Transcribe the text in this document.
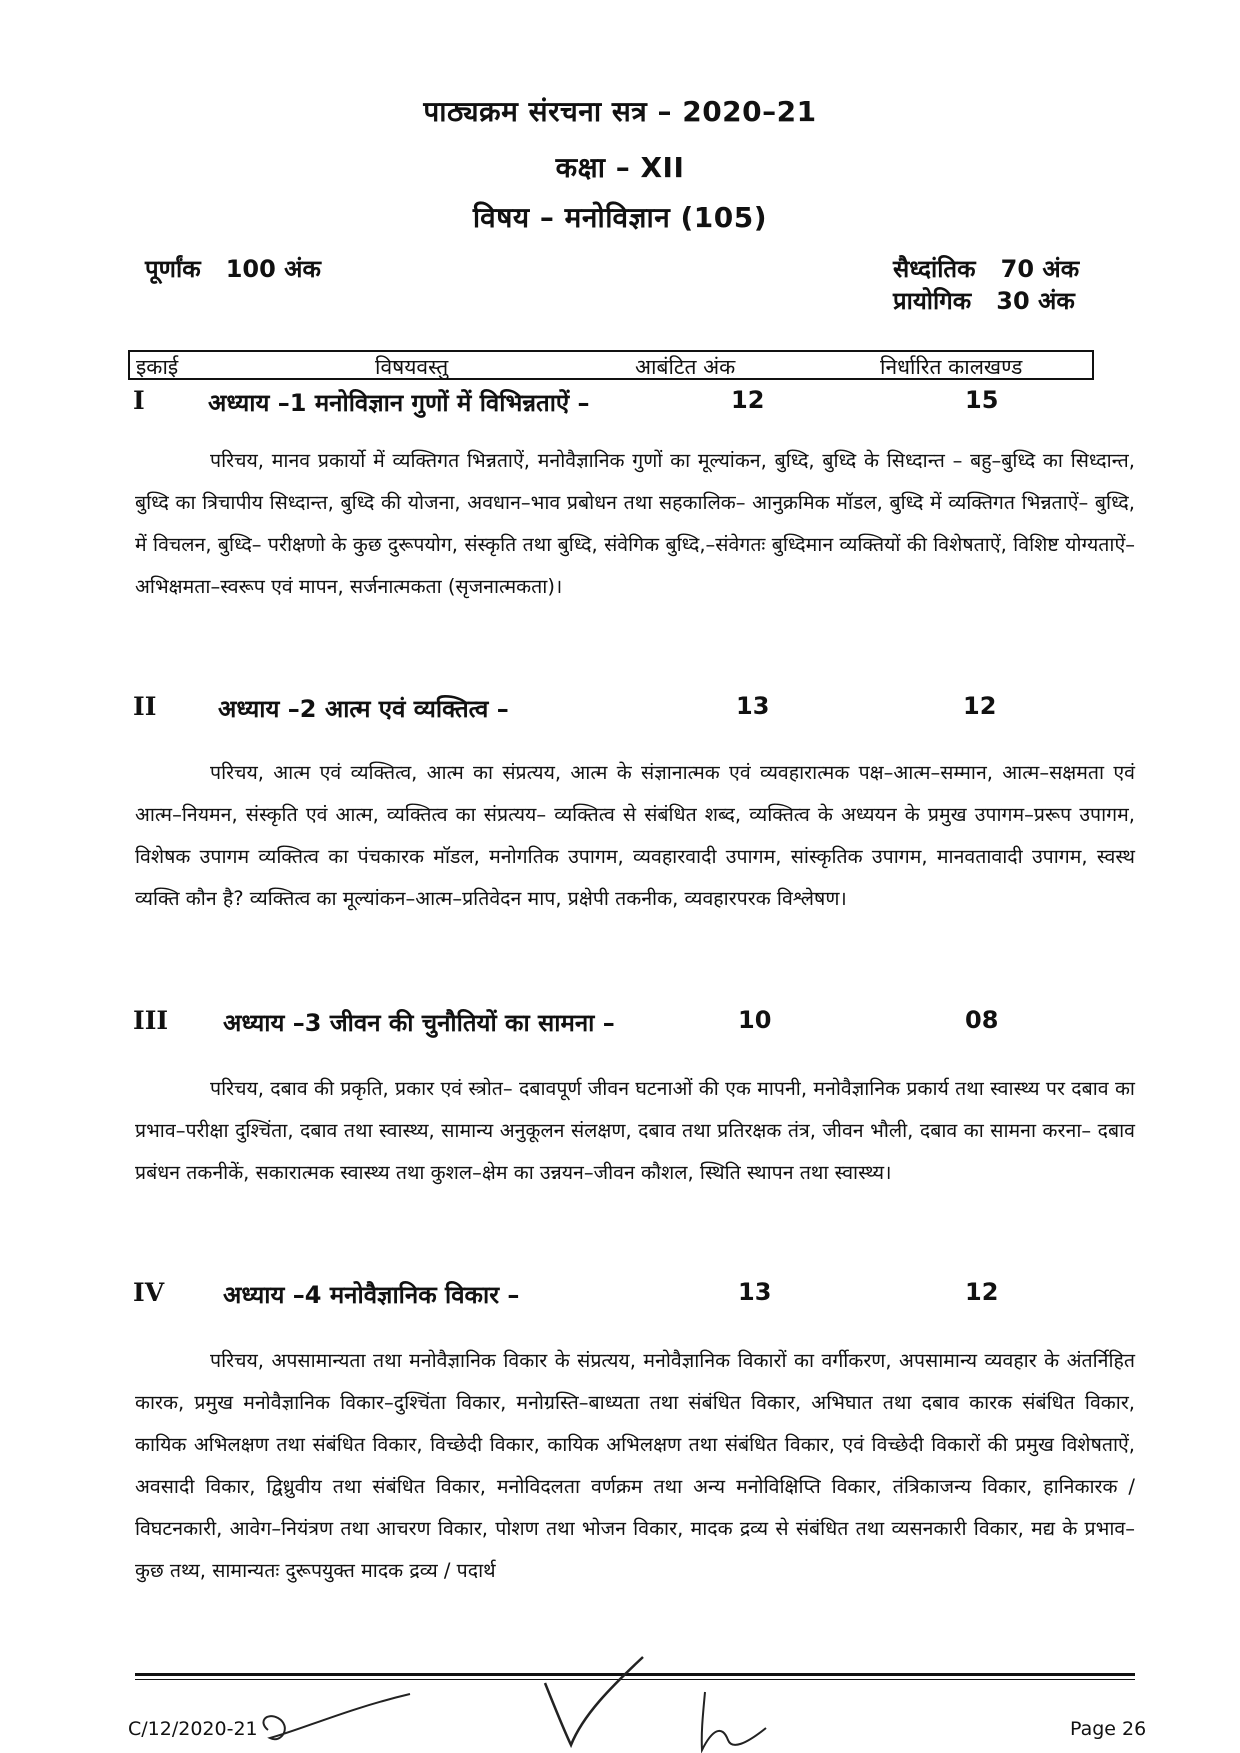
पाठ्यक्रम संरचना सत्र – 2020–21
कक्षा – XII
विषय – मनोविज्ञान (105)
पूर्णांक 100 अंक	सैध्दांतिक 70 अंक
प्रायोगिक 30 अंक
इकाई	विषयवस्तु	आबंटित अंक	निर्धारित कालखण्ड
I	अध्याय –1 मनोविज्ञान गुणों में विभिन्नताऐं –	12	15

परिचय, मानव प्रकार्यो में व्यक्तिगत भिन्नताऐं, मनोवैज्ञानिक गुणों का मूल्यांकन, बुध्दि, बुध्दि के सिध्दान्त – बहु–बुध्दि का सिध्दान्त, बुध्दि का त्रिचापीय सिध्दान्त, बुध्दि की योजना, अवधान–भाव प्रबोधन तथा सहकालिक– आनुक्रमिक मॉडल, बुध्दि में व्यक्तिगत भिन्नताऐं– बुध्दि, में विचलन, बुध्दि– परीक्षणो के कुछ दुरूपयोग, संस्कृति तथा बुध्दि, संवेगिक बुध्दि,–संवेगतः बुध्दिमान व्यक्तियों की विशेषताऐं, विशिष्ट योग्यताऐं–अभिक्षमता–स्वरूप एवं मापन, सर्जनात्मकता (सृजनात्मकता)।

II	अध्याय –2 आत्म एवं व्यक्तित्व –	13	12

परिचय, आत्म एवं व्यक्तित्व, आत्म का संप्रत्यय, आत्म के संज्ञानात्मक एवं व्यवहारात्मक पक्ष–आत्म–सम्मान, आत्म–सक्षमता एवं आत्म–नियमन, संस्कृति एवं आत्म, व्यक्तित्व का संप्रत्यय– व्यक्तित्व से संबंधित शब्द, व्यक्तित्व के अध्ययन के प्रमुख उपागम–प्ररूप उपागम, विशेषक उपागम व्यक्तित्व का पंचकारक मॉडल, मनोगतिक उपागम, व्यवहारवादी उपागम, सांस्कृतिक उपागम, मानवतावादी उपागम, स्वस्थ व्यक्ति कौन है? व्यक्तित्व का मूल्यांकन–आत्म–प्रतिवेदन माप, प्रक्षेपी तकनीक, व्यवहारपरक विश्लेषण।

III अध्याय –3 जीवन की चुनौतियों का सामना –	10	08

परिचय, दबाव की प्रकृति, प्रकार एवं स्त्रोत– दबावपूर्ण जीवन घटनाओं की एक मापनी, मनोवैज्ञानिक प्रकार्य तथा स्वास्थ्य पर दबाव का प्रभाव–परीक्षा दुश्चिंता, दबाव तथा स्वास्थ्य, सामान्य अनुकूलन संलक्षण, दबाव तथा प्रतिरक्षक तंत्र, जीवन भौली, दबाव का सामना करना– दबाव प्रबंधन तकनीकें, सकारात्मक स्वास्थ्य तथा कुशल–क्षेम का उन्नयन–जीवन कौशल, स्थिति स्थापन तथा स्वास्थ्य।

IV अध्याय –4 मनोवैज्ञानिक विकार –	13	12

परिचय, अपसामान्यता तथा मनोवैज्ञानिक विकार के संप्रत्यय, मनोवैज्ञानिक विकारों का वर्गीकरण, अपसामान्य व्यवहार के अंतर्निहित कारक, प्रमुख मनोवैज्ञानिक विकार–दुश्चिंता विकार, मनोग्रस्ति–बाध्यता तथा संबंधित विकार, अभिघात तथा दबाव कारक संबंधित विकार, कायिक अभिलक्षण तथा संबंधित विकार, विच्छेदी विकार, कायिक अभिलक्षण तथा संबंधित विकार, एवं विच्छेदी विकारों की प्रमुख विशेषताऐं, अवसादी विकार, द्विध्रुवीय तथा संबंधित विकार, मनोविदलता वर्णक्रम तथा अन्य मनोविक्षिप्ति विकार, तंत्रिकाजन्य विकार, हानिकारक / विघटनकारी, आवेग–नियंत्रण तथा आचरण विकार, पोशण तथा भोजन विकार, मादक द्रव्य से संबंधित तथा व्यसनकारी विकार, मद्य के प्रभाव–कुछ तथ्य, सामान्यतः दुरूपयुक्त मादक द्रव्य / पदार्थ

C/12/2020-21	Page 26
